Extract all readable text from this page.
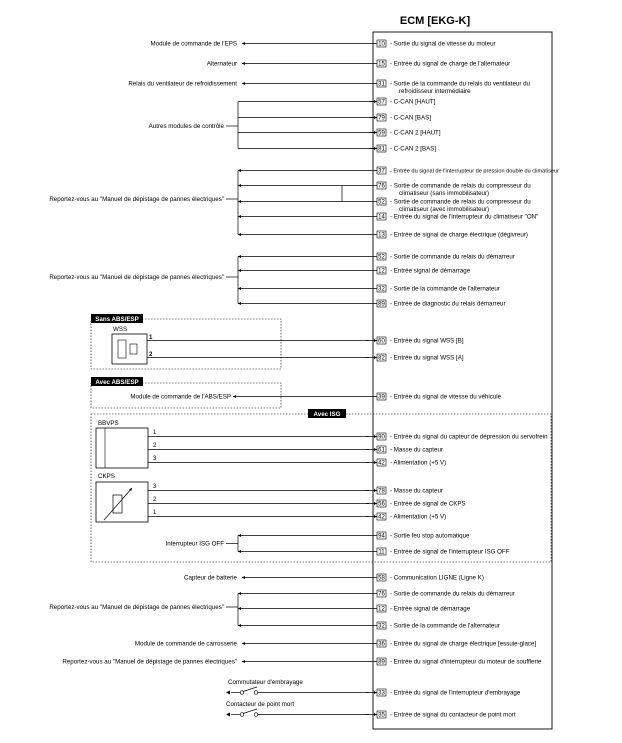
ECM [EKG-K]
10 - Sortie du signal de vitesse du moteur
Module de commande de l'EPS
15 - Entrée du signal de charge de l'alternateur
Alternateur
31 - Sortie de la commande du relais du ventilateur du
refroidisseur intermédiaire
Relais du ventilateur de refroidissement
57 - C-CAN [HAUT]
79 - C-CAN [BAS]
59 - C-CAN 2 [HAUT]
81 - C-CAN 2 [BAS]
37 - Entrée du signal de l'interrupteur de pression double du climatiseur
76 - Sortie de commande de relais du compresseur du
climatiseur (sans immobilisateur)
52 - Sortie de commande de relais du compresseur du
climatiseur (avec immobilisateur)
14 - Entrée du signal de l'interrupteur du climatiseur "ON"
13 - Entrée de signal de charge électrique (dégivreur)
52 - Sortie de commande du relais du démarreur
12 - Entrée signal de démarrage
32 - Sortie de la commande de l'alternateur
89 - Entrée de diagnostic du relais démarreur
60 - Entrée du signal WSS [B]
82 - Entrée du signal WSS [A]
39 - Entrée du signal de vitesse du véhicule
90 - Entrée du signal du capteur de dépression du servofrein
61 - Masse du capteur
42 - Alimentation (+5 V)
78 - Masse du capteur
56 - Entrée de signal de CKPS
42 - Alimentation (+5 V)
94 - Sortie feu stop automatique
11 - Entrée de signal de l'interrupteur ISG OFF
58 - Communication LIGNE (Ligne K)
Capteur de batterie
76 - Sortie de commande du relais du démarreur
12 - Entrée signal de démarrage
32 - Sortie de la commande de l'alternateur
36 - Entrée du signal de charge électrique [essuie-glace]
Module de commande de carrosserie
89 - Entrée du signal d'interrupteur du moteur de soufflerie
Reportez-vous au "Manuel de dépistage de pannes électriques"
33 - Entrée du signal de l'interrupteur d'embrayage
35 - Entrée de signal du contacteur de point mort
Autres modules de contrôle
Reportez-vous au "Manuel de dépistage de pannes électriques"
Reportez-vous au "Manuel de dépistage de pannes électriques"
Sans ABS/ESP
WSS
1
2
Avec ABS/ESP
Module de commande de l'ABS/ESP
Avec ISG
BBVPS
1
2
3
CKPS
3
2
1
Interrupteur ISG OFF
Reportez-vous au "Manuel de dépistage de pannes électriques"
Commutateur d'embrayage
Contacteur de point mort
